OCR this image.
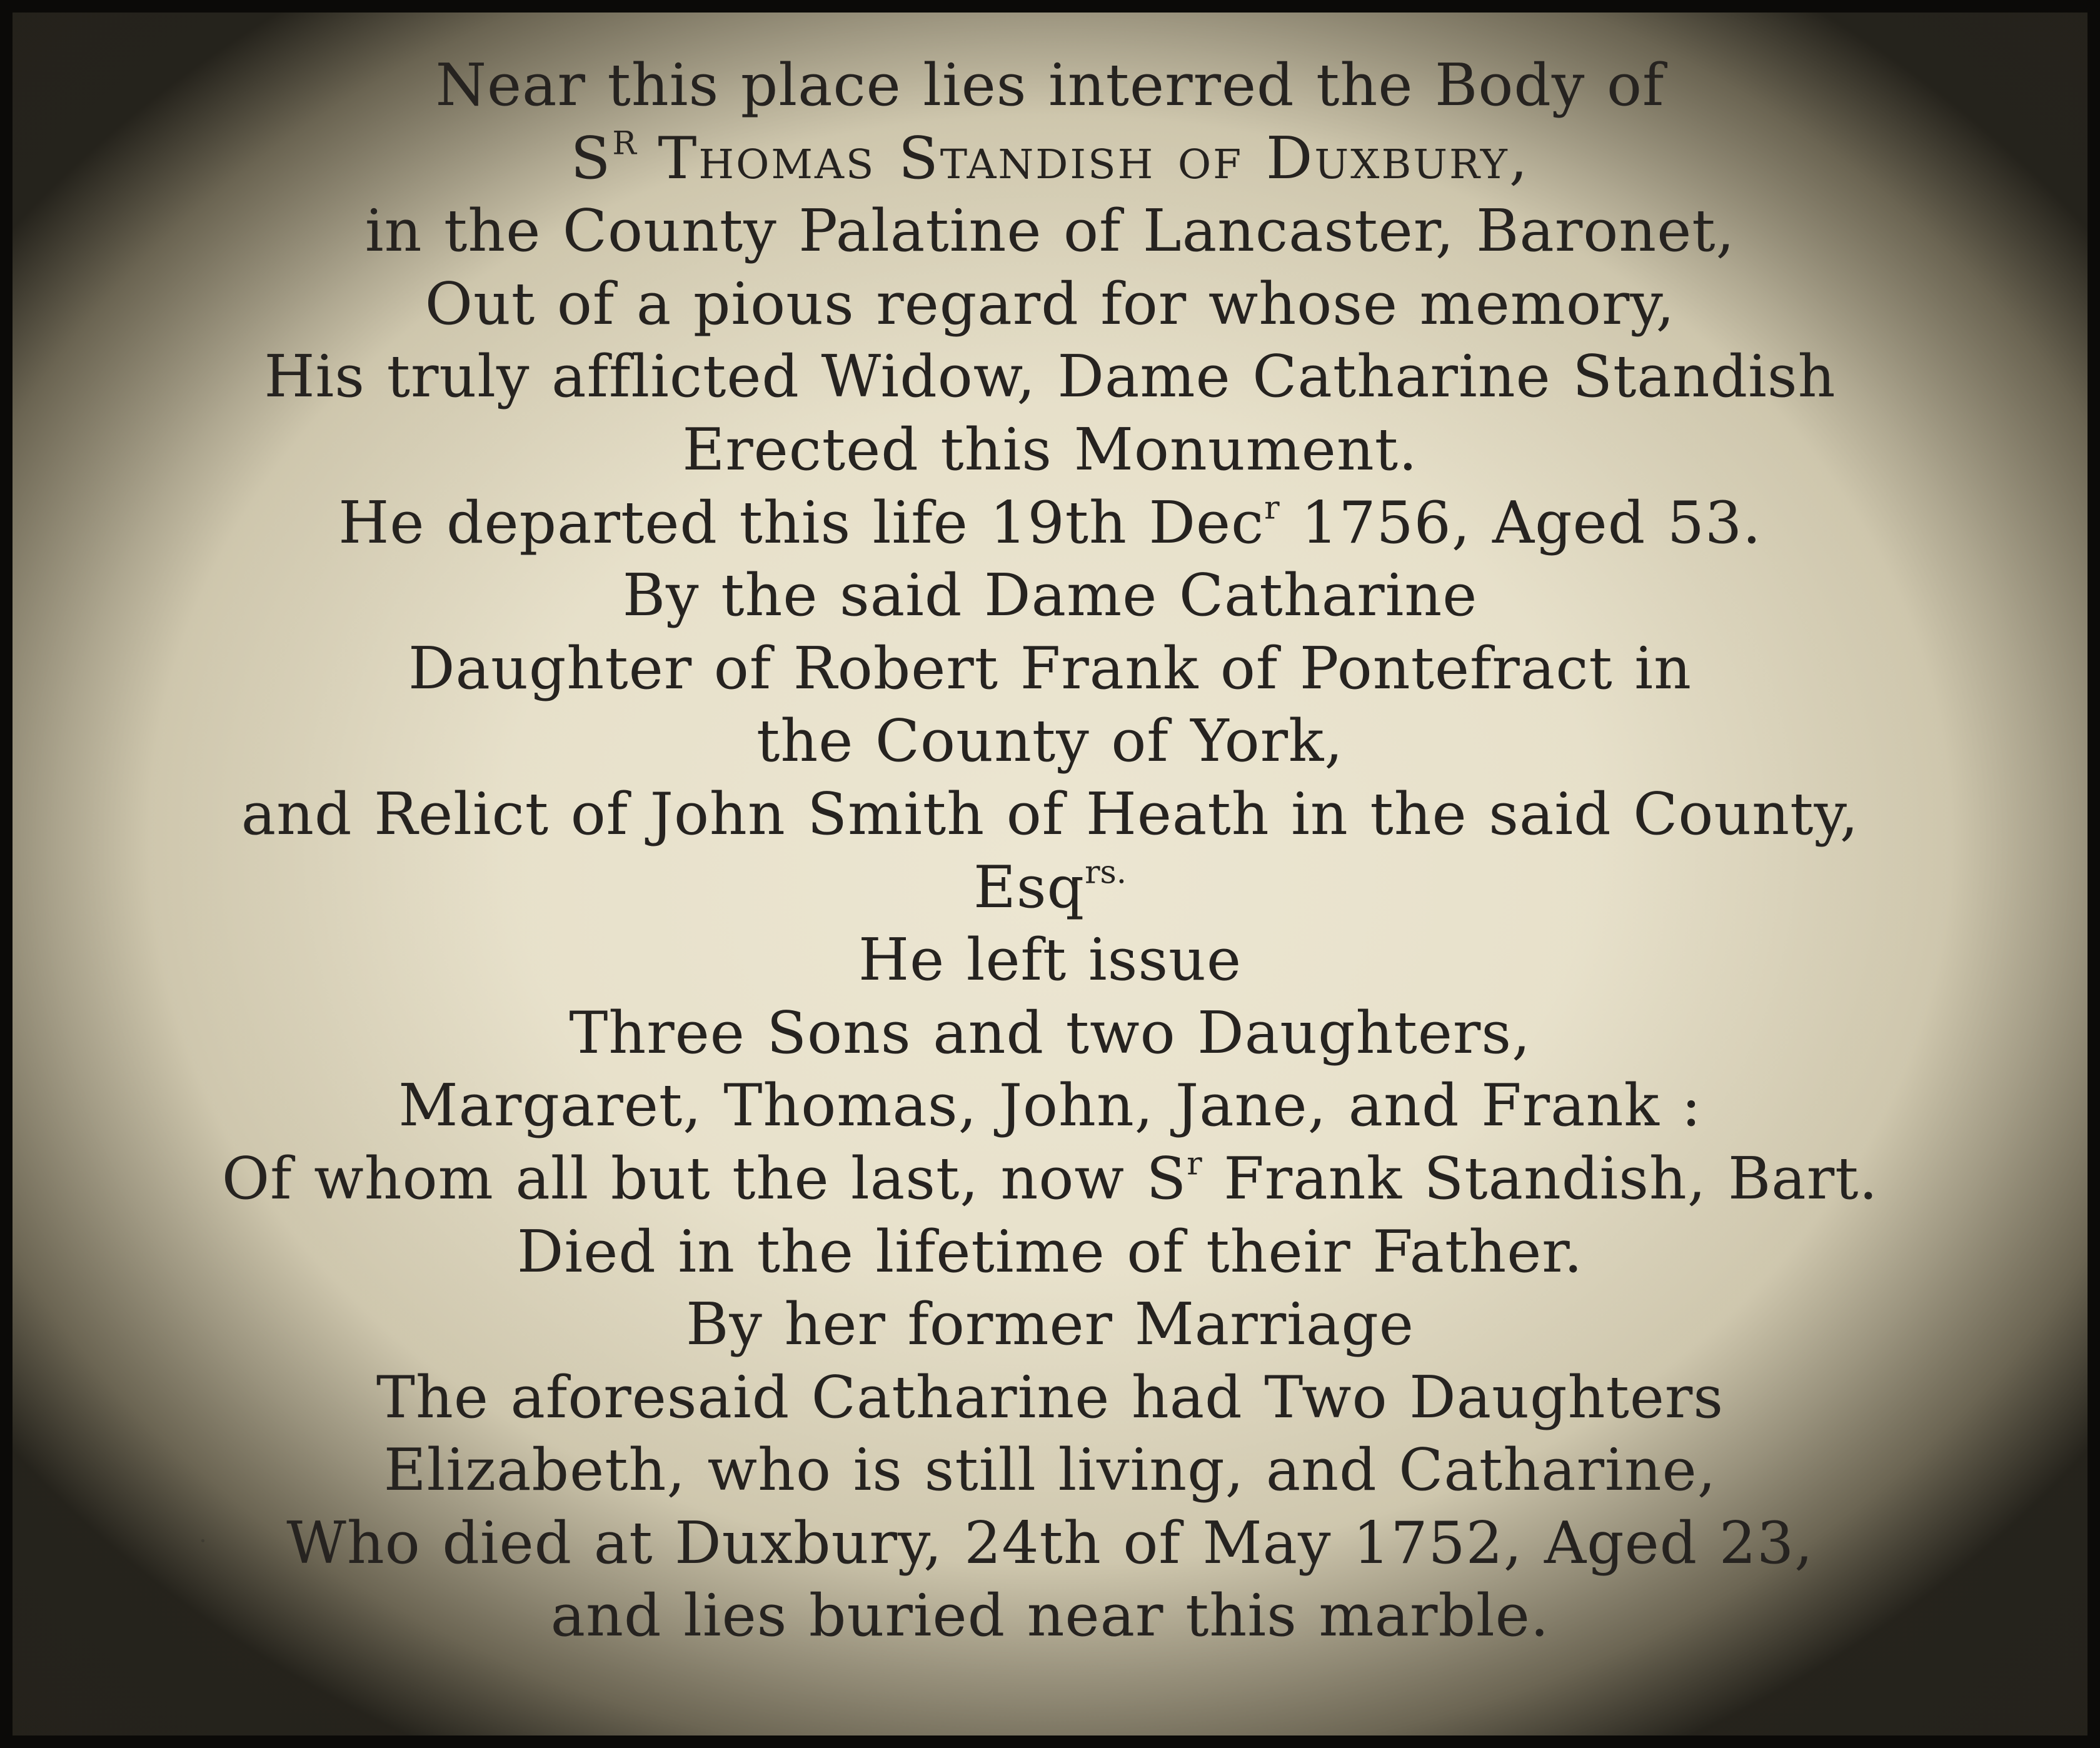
Near this place lies interred the Body of
$S^R$ Thomas Standish of Duxbury,
in the County Palatine of Lancaster, Baronet,
Out of a pious regard for whose memory,
His truly afflicted Widow, Dame Catharine Standish
Erected this Monument.
He departed this life 19th Dec$^r$ 1756, Aged 53.
By the said Dame Catharine
Daughter of Robert Frank of Pontefract in
the County of York,
and Relict of John Smith of Heath in the said County,
Esq$^{rs.}$
He left issue
Three Sons and two Daughters,
Margaret, Thomas, John, Jane, and Frank :
Of whom all but the last, now $S^r$ Frank Standish, Bart.
Died in the lifetime of their Father.
By her former Marriage
The aforesaid Catharine had Two Daughters
Elizabeth, who is still living, and Catharine,
Who died at Duxbury, 24th of May 1752, Aged 23,
and lies buried near this marble.
